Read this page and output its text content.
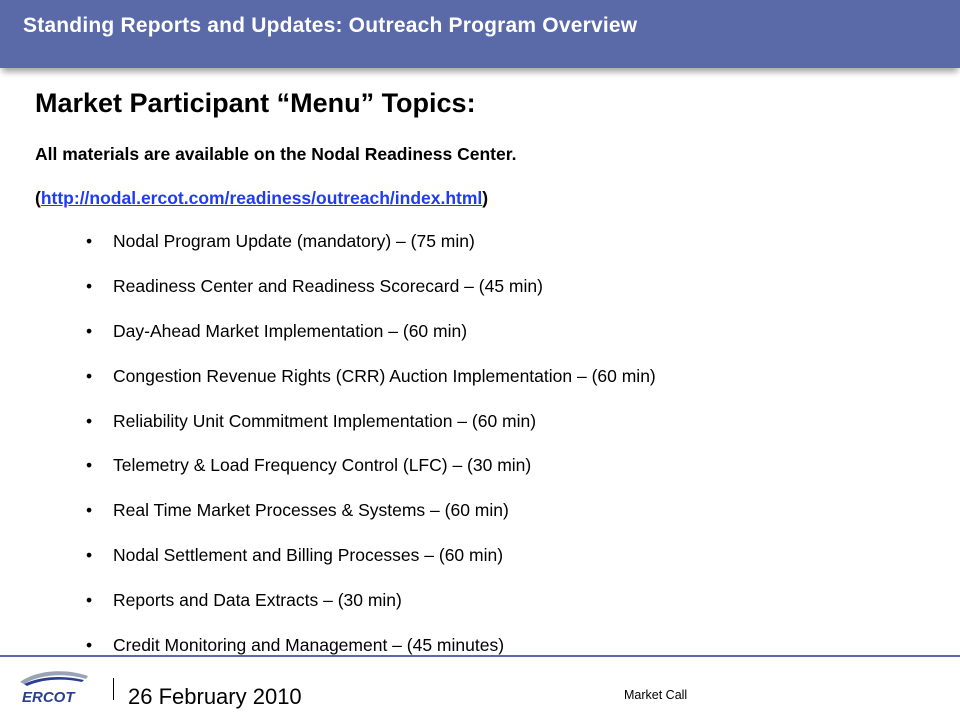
Standing Reports and Updates: Outreach Program Overview
Market Participant “Menu” Topics:
All materials are available on the Nodal Readiness Center.
(http://nodal.ercot.com/readiness/outreach/index.html)
•	Nodal Program Update (mandatory) – (75 min)
•	Readiness Center and Readiness Scorecard – (45 min)
•	Day-Ahead Market Implementation – (60 min)
•	Congestion Revenue Rights (CRR) Auction Implementation – (60 min)
•	Reliability Unit Commitment Implementation – (60 min)
•	Telemetry & Load Frequency Control (LFC) – (30 min)
•	Real Time Market Processes & Systems – (60 min)
•	Nodal Settlement and Billing Processes – (60 min)
•	Reports and Data Extracts – (30 min)
•	Credit Monitoring and Management – (45 minutes)
ERCOT 26 February 2010	Market Call
